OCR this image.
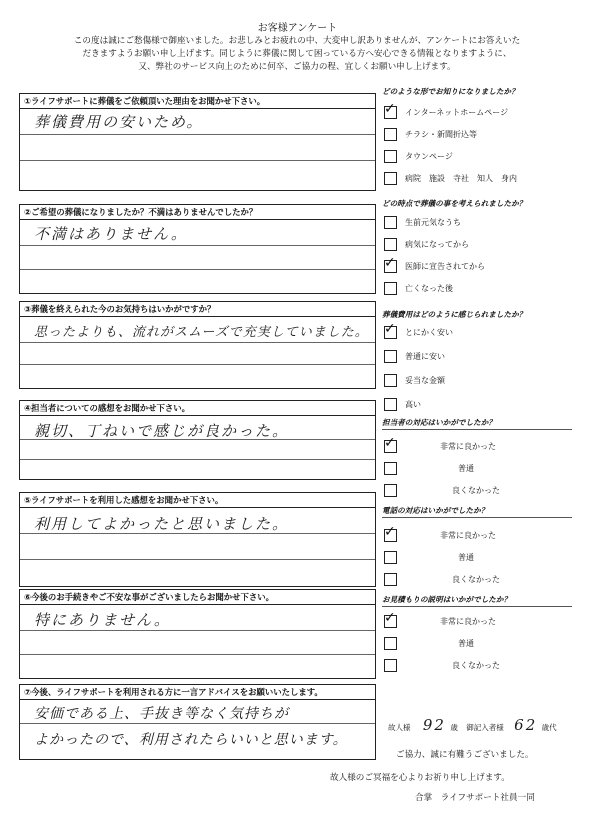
お客様アンケート
この度は誠にご愁傷様で御座いました。お悲しみとお疲れの中、大変申し訳ありませんが、アンケートにお答えいた
だきますようお願い申し上げます。同じように葬儀に関して困っている方へ安心できる情報となりますように、
又、弊社のサービス向上のために何卒、ご協力の程、宜しくお願い申し上げます。
①ライフサポートに葬儀をご依頼頂いた理由をお聞かせ下さい。
葬儀費用の安いため。
②ご希望の葬儀になりましたか？不満はありませんでしたか？
不満はありません。
③葬儀を終えられた今のお気持ちはいかがですか？
思ったよりも、流れがスムーズで充実していました。
④担当者についての感想をお聞かせ下さい。
親切、丁ねいで感じが良かった。
⑤ライフサポートを利用した感想をお聞かせ下さい。
利用してよかったと思いました。
⑥今後のお手続きやご不安な事がございましたらお聞かせ下さい。
特にありません。
⑦今後、ライフサポートを利用される方に一言アドバイスをお願いいたします。
安価である上、手抜き等なく気持ちが
よかったので、利用されたらいいと思います。
どのような形でお知りになりましたか？
✓ インターネットホームページ
チラシ・新聞折込等
タウンページ
病院　施設　寺社　知人　身内
どの時点で葬儀の事を考えられましたか？
生前元気なうち
病気になってから
✓ 医師に宣告されてから
亡くなった後
葬儀費用はどのように感じられましたか？
✓ とにかく安い
普通に安い
妥当な金額
高い
担当者の対応はいかがでしたか？
✓	非常に良かった
普通
良くなかった
電話の対応はいかがでしたか？
✓	非常に良かった
普通
良くなかった
お見積もりの説明はいかがでしたか？
✓	非常に良かった
普通
良くなかった
故人様 92 歳 御記入者様 62 歳代
ご協力、誠に有難うございました。
故人様のご冥福を心よりお祈り申し上げます。
合掌　ライフサポート社員一同
